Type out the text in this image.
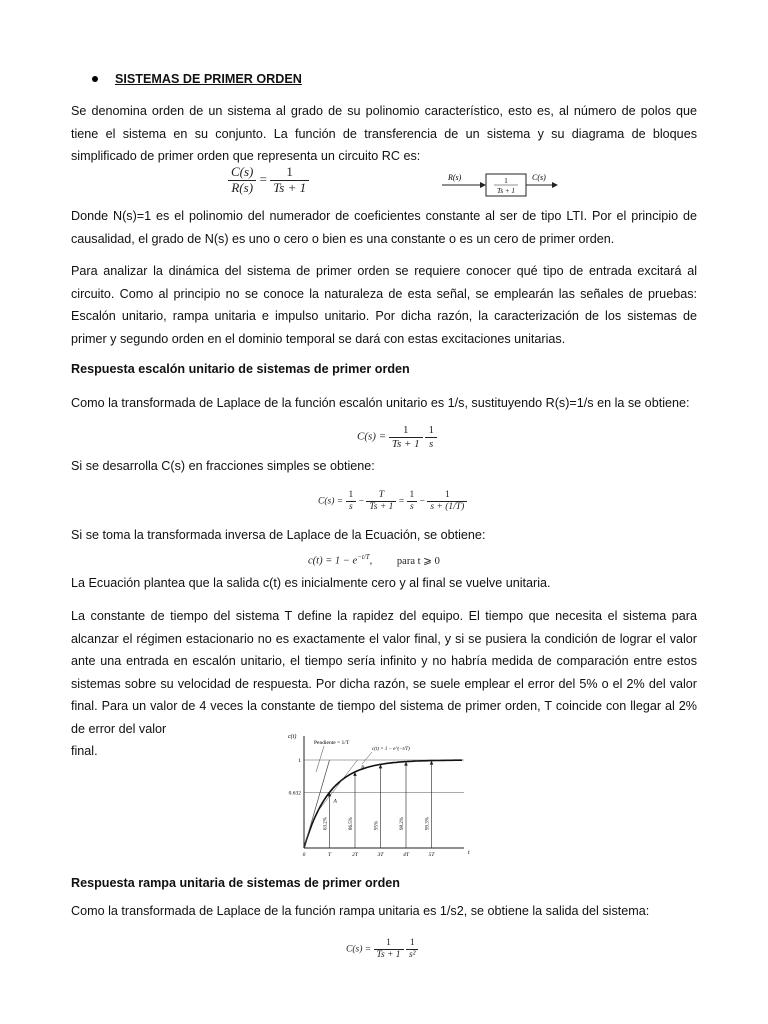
SISTEMAS DE PRIMER ORDEN

Se denomina orden de un sistema al grado de su polinomio característico, esto es, al número de polos que tiene el sistema en su conjunto. La función de transferencia de un sistema y su diagrama de bloques simplificado de primer orden que representa un circuito RC es:

$\frac{C(s)}{R(s)} = \frac{1}{Ts + 1}$	R(s)	1
Ts + 1
C(s)

Donde N(s)=1 es el polinomio del numerador de coeficientes constante al ser de tipo LTI. Por el principio de causalidad, el grado de N(s) es uno o cero o bien es una constante o es un cero de primer orden.

Para analizar la dinámica del sistema de primer orden se requiere conocer qué tipo de entrada excitará al circuito. Como al principio no se conoce la naturaleza de esta señal, se emplearán las señales de pruebas: Escalón unitario, rampa unitaria e impulso unitario. Por dicha razón, la caracterización de los sistemas de primer y segundo orden en el dominio temporal se dará con estas excitaciones unitarias.

Respuesta escalón unitario de sistemas de primer orden

Como la transformada de Laplace de la función escalón unitario es 1/s, sustituyendo R(s)=1/s en la se obtiene:

$C(s) = \frac{1}{Ts + 1}$
$\frac{1}{s}$

Si se desarrolla C(s) en fracciones simples se obtiene:

$C(s) = \frac{1}{s} - \frac{T}{Ts + 1} = \frac{1}{s} - \frac{1}{s + (1/T)}$

Si se toma la transformada inversa de Laplace de la Ecuación, se obtiene:

$c(t) = 1 - e^{-t/T}$, para t ⩾ 0

La Ecuación plantea que la salida c(t) es inicialmente cero y al final se vuelve unitaria.

La constante de tiempo del sistema T define la rapidez del equipo. El tiempo que necesita el sistema para alcanzar el régimen estacionario no es exactamente el valor final, y si se pusiera la condición de lograr el valor ante una entrada en escalón unitario, el tiempo sería infinito y no habría medida de comparación entre estos sistemas sobre su velocidad de respuesta. Por dicha razón, se suele emplear el error del 5% o el 2% del valor final. Para un valor de 4 veces la constante de tiempo del sistema de primer orden, T coincide con llegar al 2% de error del valor
final.

c(t)
t
0.632
1
0	T	2T	3T	4T	5T
63.2%	86.5%	95%	98.2%	99.3%
Pendiente = 1/T
c(t) = 1 − e^(−t/T)
A
B
Respuesta rampa unitaria de sistemas de primer orden

Como la transformada de Laplace de la función rampa unitaria es 1/s2, se obtiene la salida del sistema:

$C(s) = \frac{1}{Ts + 1}$
$\frac{1}{\text{s²}}$
